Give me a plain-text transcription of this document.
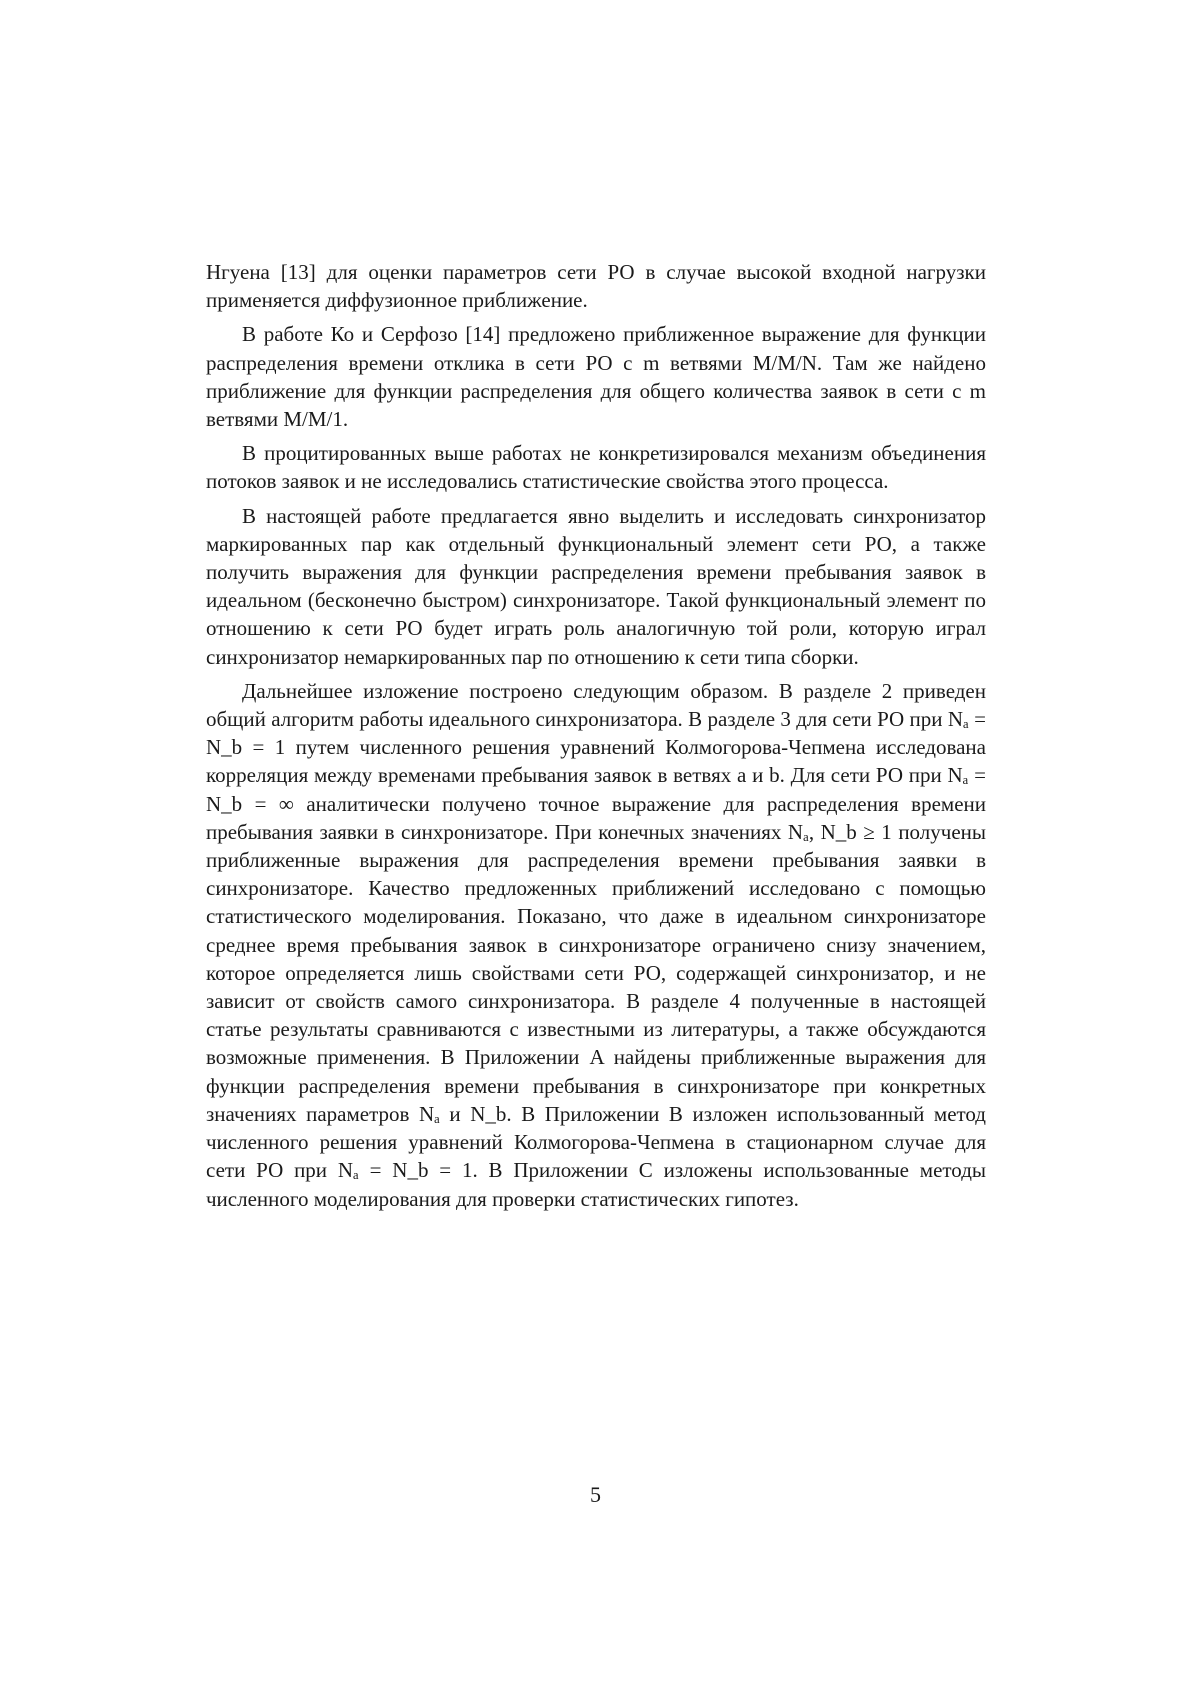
Нгуена [13] для оценки параметров сети РО в случае высокой входной нагрузки применяется диффузионное приближение.

В работе Ко и Серфозо [14] предложено приближенное выражение для функции распределения времени отклика в сети РО с m ветвями M/M/N. Там же найдено приближение для функции распределения для общего количества заявок в сети с m ветвями M/M/1.

В процитированных выше работах не конкретизировался механизм объединения потоков заявок и не исследовались статистические свойства этого процесса.

В настоящей работе предлагается явно выделить и исследовать синхронизатор маркированных пар как отдельный функциональный элемент сети РО, а также получить выражения для функции распределения времени пребывания заявок в идеальном (бесконечно быстром) синхронизаторе. Такой функциональный элемент по отношению к сети РО будет играть роль аналогичную той роли, которую играл синхронизатор немаркированных пар по отношению к сети типа сборки.

Дальнейшее изложение построено следующим образом. В разделе 2 приведен общий алгоритм работы идеального синхронизатора. В разделе 3 для сети РО при Nₐ = N_b = 1 путем численного решения уравнений Колмогорова-Чепмена исследована корреляция между временами пребывания заявок в ветвях a и b. Для сети РО при Nₐ = N_b = ∞ аналитически получено точное выражение для распределения времени пребывания заявки в синхронизаторе. При конечных значениях Nₐ, N_b ≥ 1 получены приближенные выражения для распределения времени пребывания заявки в синхронизаторе. Качество предложенных приближений исследовано с помощью статистического моделирования. Показано, что даже в идеальном синхронизаторе среднее время пребывания заявок в синхронизаторе ограничено снизу значением, которое определяется лишь свойствами сети РО, содержащей синхронизатор, и не зависит от свойств самого синхронизатора. В разделе 4 полученные в настоящей статье результаты сравниваются с известными из литературы, а также обсуждаются возможные применения. В Приложении A найдены приближенные выражения для функции распределения времени пребывания в синхронизаторе при конкретных значениях параметров Nₐ и N_b. В Приложении B изложен использованный метод численного решения уравнений Колмогорова-Чепмена в стационарном случае для сети РО при Nₐ = N_b = 1. В Приложении C изложены использованные методы численного моделирования для проверки статистических гипотез.

5
